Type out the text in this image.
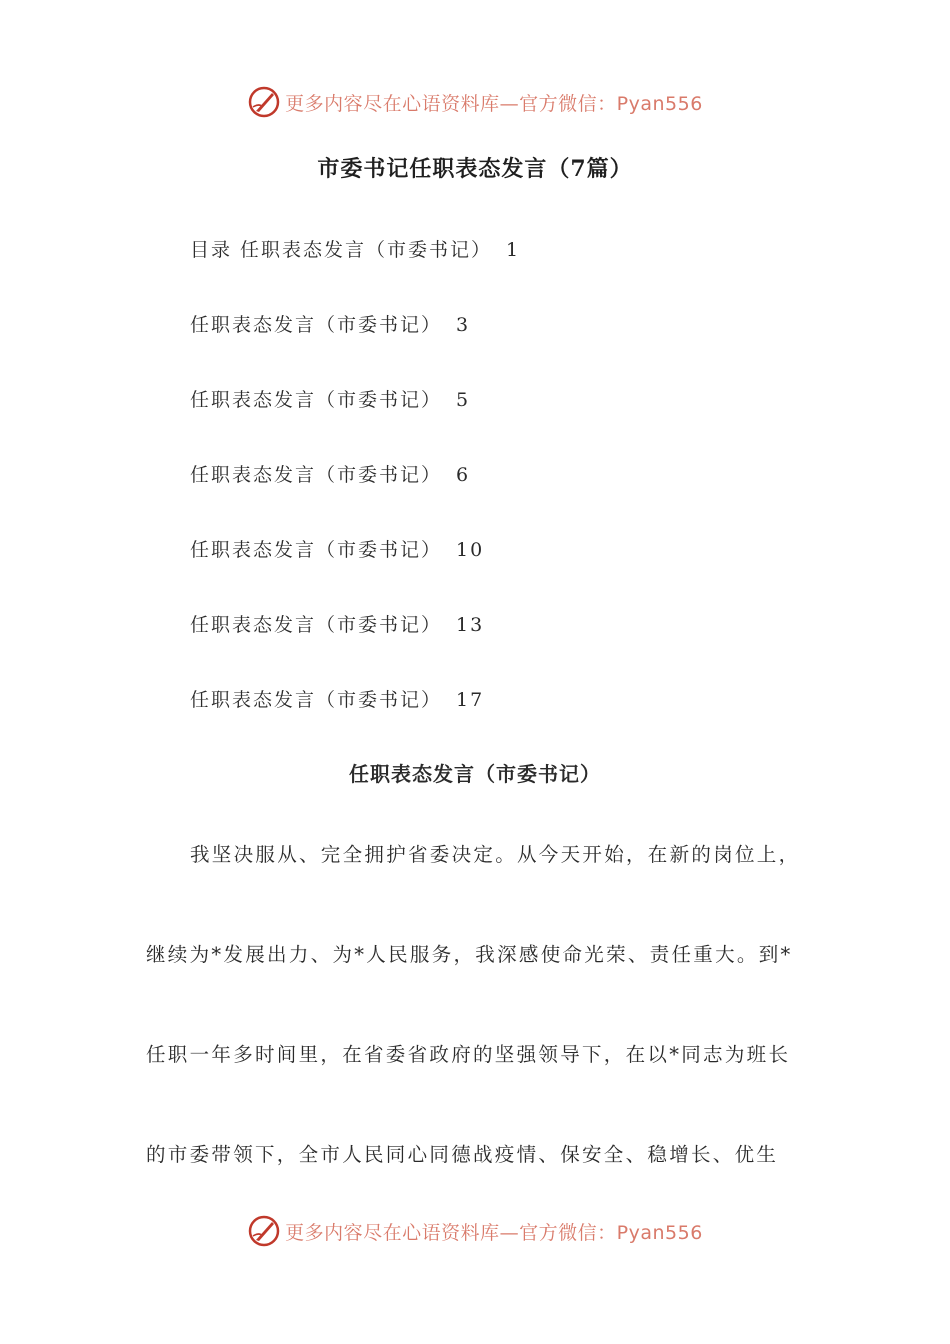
更多内容尽在心语资料库—官方微信：Pyan556
市委书记任职表态发言（7篇）
目录 任职表态发言（市委书记） 1
任职表态发言（市委书记） 3
任职表态发言（市委书记） 5
任职表态发言（市委书记） 6
任职表态发言（市委书记） 10
任职表态发言（市委书记） 13
任职表态发言（市委书记） 17
任职表态发言（市委书记）
我坚决服从、完全拥护省委决定。从今天开始，在新的岗位上，
继续为*发展出力、为*人民服务，我深感使命光荣、责任重大。到*
任职一年多时间里，在省委省政府的坚强领导下，在以*同志为班长
的市委带领下，全市人民同心同德战疫情、保安全、稳增长、优生
更多内容尽在心语资料库—官方微信：Pyan556
